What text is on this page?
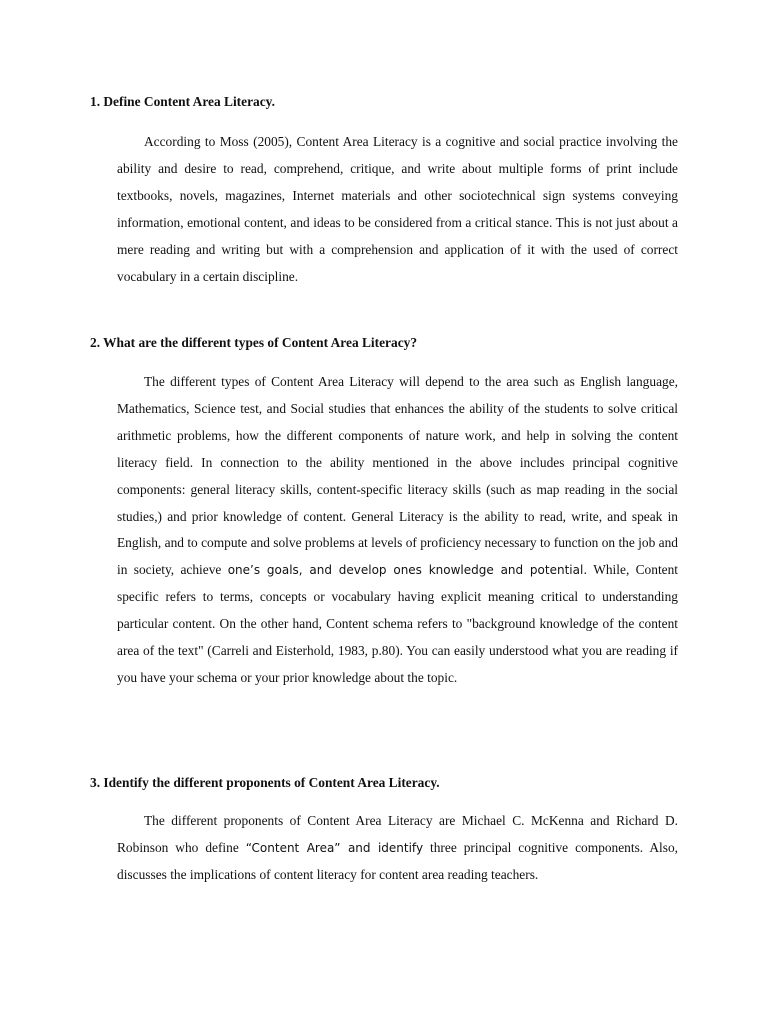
1. Define Content Area Literacy.

According to Moss (2005), Content Area Literacy is a cognitive and social practice involving the ability and desire to read, comprehend, critique, and write about multiple forms of print include textbooks, novels, magazines, Internet materials and other sociotechnical sign systems conveying information, emotional content, and ideas to be considered from a critical stance. This is not just about a mere reading and writing but with a comprehension and application of it with the used of correct vocabulary in a certain discipline.

2. What are the different types of Content Area Literacy?

The different types of Content Area Literacy will depend to the area such as English language, Mathematics, Science test, and Social studies that enhances the ability of the students to solve critical arithmetic problems, how the different components of nature work, and help in solving the content literacy field. In connection to the ability mentioned in the above includes principal cognitive components: general literacy skills, content-specific literacy skills (such as map reading in the social studies,) and prior knowledge of content. General Literacy is the ability to read, write, and speak in English, and to compute and solve problems at levels of proficiency necessary to function on the job and in society, achieve one’s goals, and develop ones knowledge and potential. While, Content specific refers to terms, concepts or vocabulary having explicit meaning critical to understanding particular content. On the other hand, Content schema refers to "background knowledge of the content area of the text" (Carreli and Eisterhold, 1983, p.80). You can easily understood what you are reading if you have your schema or your prior knowledge about the topic.

3. Identify the different proponents of Content Area Literacy.

The different proponents of Content Area Literacy are Michael C. McKenna and Richard D. Robinson who define “Content Area” and identify three principal cognitive components. Also, discusses the implications of content literacy for content area reading teachers.
